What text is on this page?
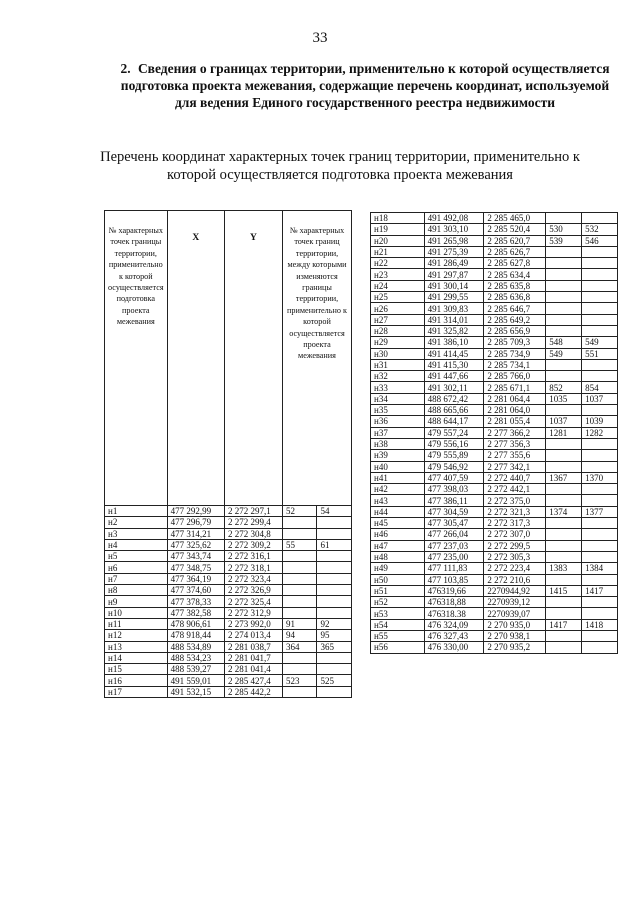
33
2. Сведения о границах территории, применительно к которой осуществляется подготовка проекта межевания, содержащие перечень координат, используемой для ведения Единого государственного реестра недвижимости
Перечень координат характерных точек границ территории, применительно к которой осуществляется подготовка проекта межевания
№ характерных точек границы территории, применительно к которой осуществляется подготовка проекта межевания	X	Y	№ характерных точек границ территории, между которыми изменяются границы территории, применительно к которой осуществляется проекта межевания	
н1	477 292,99	2 272 297,1	52	54
н2	477 296,79	2 272 299,4		
н3	477 314,21	2 272 304,8		
н4	477 325,62	2 272 309,2	55	61
н5	477 343,74	2 272 316,1		
н6	477 348,75	2 272 318,1		
н7	477 364,19	2 272 323,4		
н8	477 374,60	2 272 326,9		
н9	477 378,33	2 272 325,4		
н10	477 382,58	2 272 312,9		
н11	478 906,61	2 273 992,0	91	92
н12	478 918,44	2 274 013,4	94	95
н13	488 534,89	2 281 038,7	364	365
н14	488 534,23	2 281 041,7		
н15	488 539,27	2 281 041,4		
н16	491 559,01	2 285 427,4	523	525
н17	491 532,15	2 285 442,2		
н18	491 492,08	2 285 465,0		
н19	491 303,10	2 285 520,4	530	532
н20	491 265,98	2 285 620,7	539	546
н21	491 275,39	2 285 626,7		
н22	491 286,49	2 285 627,8		
н23	491 297,87	2 285 634,4		
н24	491 300,14	2 285 635,8		
н25	491 299,55	2 285 636,8		
н26	491 309,83	2 285 646,7		
н27	491 314,01	2 285 649,2		
н28	491 325,82	2 285 656,9		
н29	491 386,10	2 285 709,3	548	549
н30	491 414,45	2 285 734,9	549	551
н31	491 415,30	2 285 734,1		
н32	491 447,66	2 285 766,0		
н33	491 302,11	2 285 671,1	852	854
н34	488 672,42	2 281 064,4	1035	1037
н35	488 665,66	2 281 064,0		
н36	488 644,17	2 281 055,4	1037	1039
н37	479 557,24	2 277 366,2	1281	1282
н38	479 556,16	2 277 356,3		
н39	479 555,89	2 277 355,6		
н40	479 546,92	2 277 342,1		
н41	477 407,59	2 272 440,7	1367	1370
н42	477 398,03	2 272 442,1		
н43	477 386,11	2 272 375,0		
н44	477 304,59	2 272 321,3	1374	1377
н45	477 305,47	2 272 317,3		
н46	477 266,04	2 272 307,0		
н47	477 237,03	2 272 299,5		
н48	477 235,00	2 272 305,3		
н49	477 111,83	2 272 223,4	1383	1384
н50	477 103,85	2 272 210,6		
н51	476319,66	2270944,92	1415	1417
н52	476318,88	2270939,12		
н53	476318.38	2270939,07		
н54	476 324,09	2 270 935,0	1417	1418
н55	476 327,43	2 270 938,1		
н56	476 330,00	2 270 935,2		
